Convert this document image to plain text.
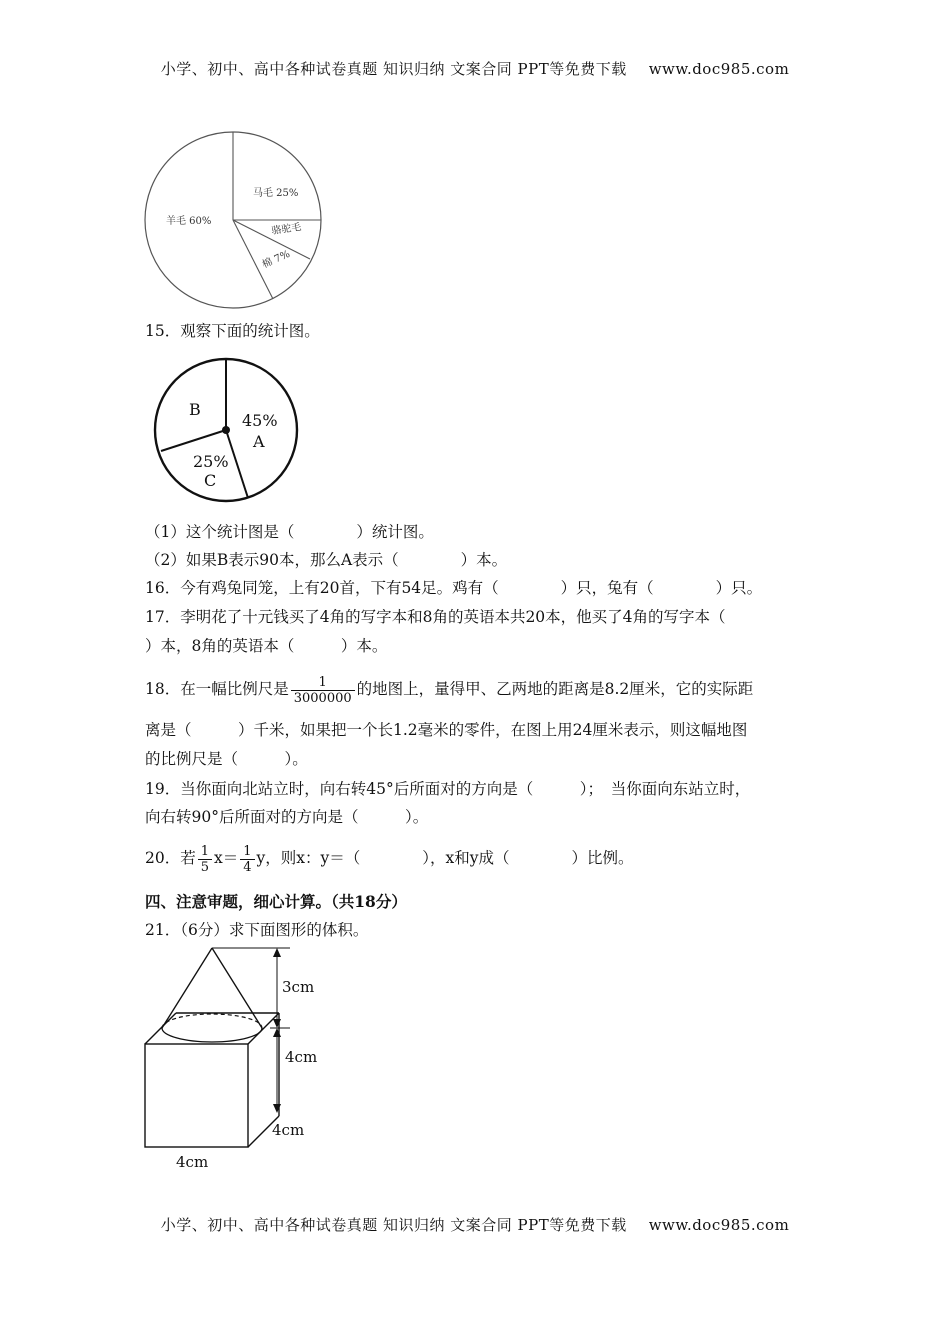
小学、初中、高中各种试卷真题 知识归纳 文案合同 PPT等免费下载 www.doc985.com
马毛 25%
骆驼毛
棉 7%
羊毛 60%
15．观察下面的统计图。
45%
A
25%
C
B
（1）这个统计图是（　　　　）统计图。
（2）如果B表示90本，那么A表示（　　　　）本。
16．今有鸡兔同笼，上有20首，下有54足。鸡有（　　　　）只，兔有（　　　　）只。
17．李明花了十元钱买了4角的写字本和8角的英语本共20本，他买了4角的写字本（
）本，8角的英语本（　　　）本。
18．在一幅比例尺是 $\frac{1}{3000000}$ 的地图上，量得甲、乙两地的距离是8.2厘米，它的实际距
离是（　　　）千米，如果把一个长1.2毫米的零件，在图上用24厘米表示，则这幅地图
的比例尺是（　　　）。
19．当你面向北站立时，向右转45°后所面对的方向是（　　　）；　当你面向东站立时，
向右转90°后所面对的方向是（　　　）。
20．若 $\frac{1}{5} x= \frac{1}{4}$ y，则x：y＝（　　　　），x和y成（　　　　）比例。
四、注意审题，细心计算。（共18分）
21．（6分）求下面图形的体积。
3cm
4cm
4cm
4cm
小学、初中、高中各种试卷真题 知识归纳 文案合同 PPT等免费下载 www.doc985.com
